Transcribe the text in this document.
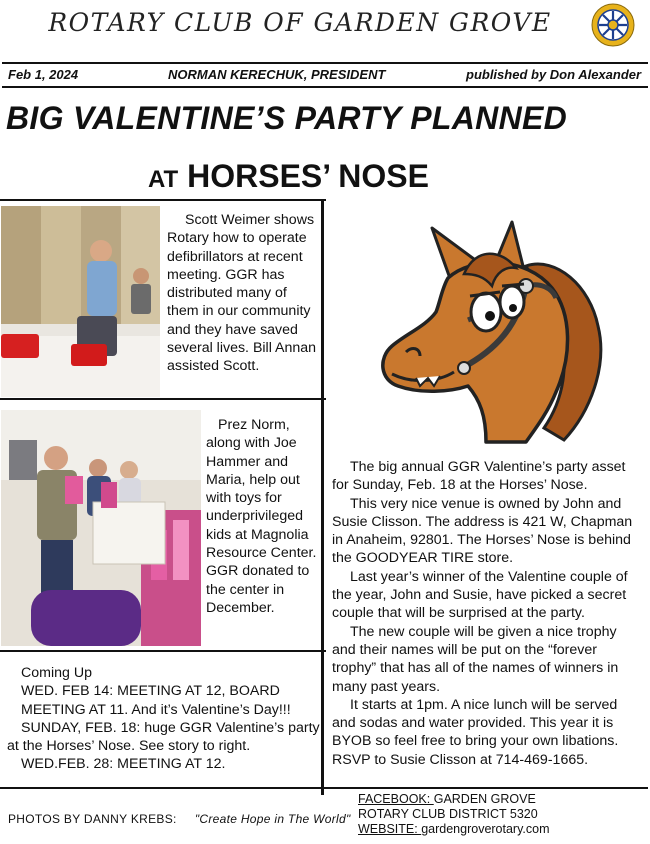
ROTARY CLUB OF GARDEN GROVE
Feb 1, 2024	NORMAN KERECHUK, PRESIDENT	published by Don Alexander
BIG VALENTINE’S PARTY PLANNED
AT HORSES’ NOSE
Scott Weimer shows Rotary how to operate defibrillators at recent meeting. GGR has distributed many of them in our community and they have saved several lives. Bill Annan assisted Scott.
Prez Norm, along with Joe Hammer and Maria, help out with toys for underprivileged kids at Magnolia Resource Center. GGR donated to the center in December.

The big annual GGR Valentine’s party asset for Sunday, Feb. 18 at the Horses’ Nose.

This very nice venue is owned by John and Susie Clisson. The address is 421 W, Chapman in Anaheim, 92801. The Horses’ Nose is behind the GOODYEAR TIRE store.

Last year’s winner of the Valentine couple of the year, John and Susie, have picked a secret couple that will be surprised at the party.

The new couple will be given a nice trophy and their names will be put on the “forever trophy” that has all of the names of winners in many past years.

It starts at 1pm. A nice lunch will be served and sodas and water provided. This year it is BYOB so feel free to bring your own libations. RSVP to Susie Clisson at 714-469-1665.

Coming Up
WED. FEB 14: MEETING AT 12, BOARD
MEETING AT 11. And it’s Valentine’s Day!!!
SUNDAY, FEB. 18: huge GGR Valentine’s party
at the Horses’ Nose. See story to right.
WED.FEB. 28: MEETING AT 12.
PHOTOS BY DANNY KREBS: "Create Hope in The World"
FACEBOOK: GARDEN GROVE
ROTARY CLUB DISTRICT 5320
WEBSITE: gardengroverotary.com
